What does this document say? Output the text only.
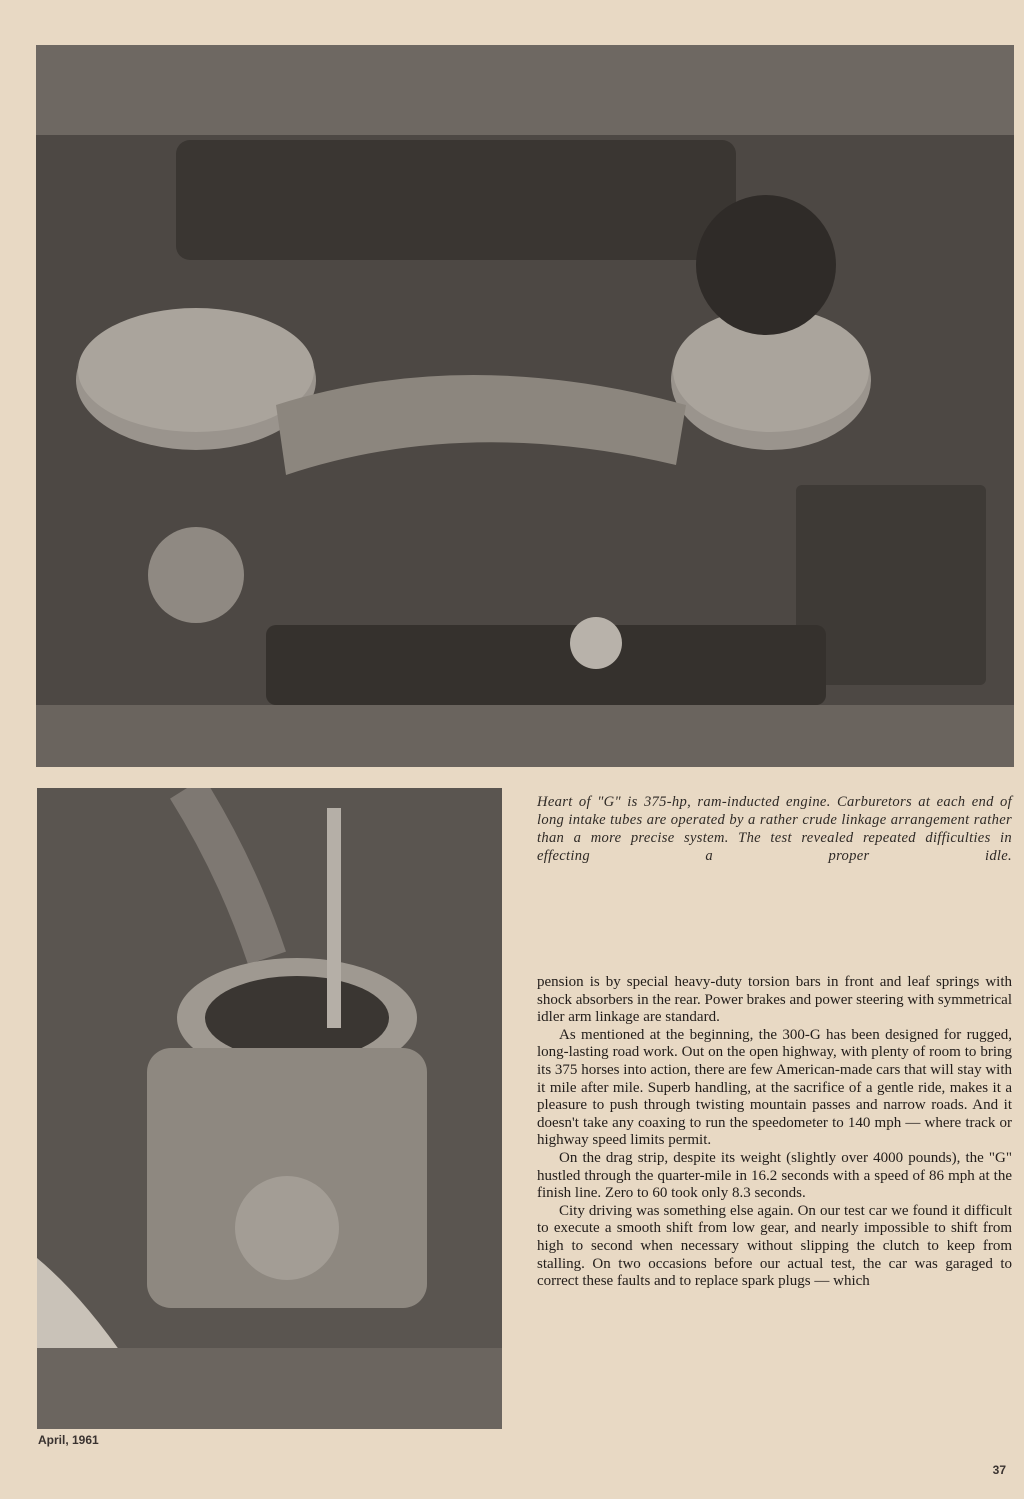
Heart of "G" is 375-hp, ram-inducted engine. Carburetors at each end of long intake tubes are operated by a rather crude linkage arrangement rather than a more precise system. The test revealed repeated difficulties in effecting a proper idle.

pension is by special heavy-duty torsion bars in front and leaf springs with shock absorbers in the rear. Power brakes and power steering with symmetrical idler arm linkage are standard.

As mentioned at the beginning, the 300-G has been designed for rugged, long-lasting road work. Out on the open highway, with plenty of room to bring its 375 horses into action, there are few American-made cars that will stay with it mile after mile. Superb handling, at the sacrifice of a gentle ride, makes it a pleasure to push through twisting mountain passes and narrow roads. And it doesn't take any coaxing to run the speedometer to 140 mph — where track or highway speed limits permit.

On the drag strip, despite its weight (slightly over 4000 pounds), the "G" hustled through the quarter-mile in 16.2 seconds with a speed of 86 mph at the finish line. Zero to 60 took only 8.3 seconds.

City driving was something else again. On our test car we found it difficult to execute a smooth shift from low gear, and nearly impossible to shift from high to second when necessary without slipping the clutch to keep from stalling. On two occasions before our actual test, the car was garaged to correct these faults and to replace spark plugs — which

April, 1961
37
